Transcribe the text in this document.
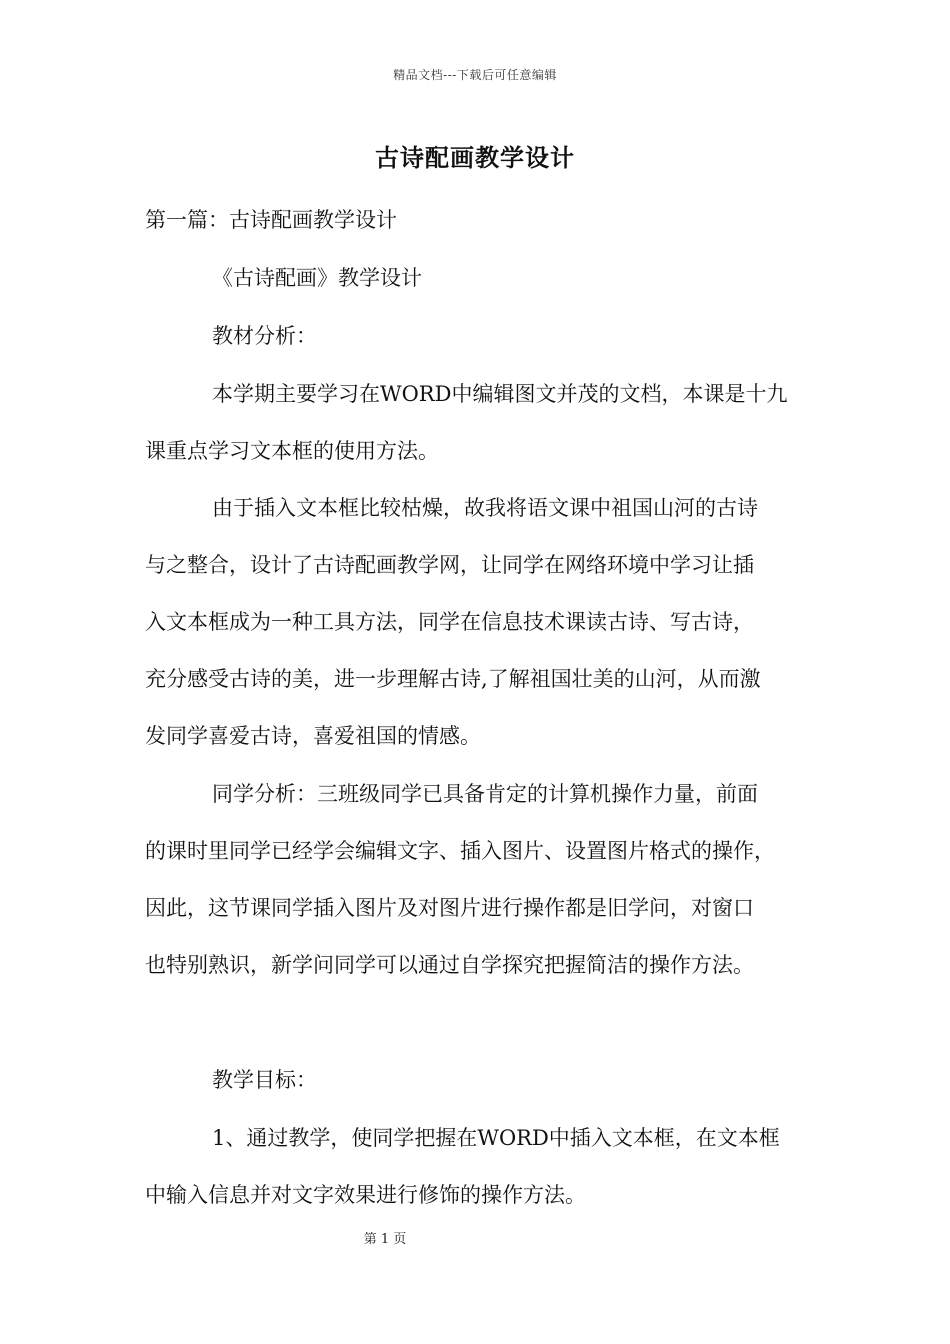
精品文档---下载后可任意编辑
古诗配画教学设计
第一篇：古诗配画教学设计
《古诗配画》教学设计
教材分析：
本学期主要学习在WORD中编辑图文并茂的文档，本课是十九
课重点学习文本框的使用方法。
由于插入文本框比较枯燥，故我将语文课中祖国山河的古诗
与之整合，设计了古诗配画教学网，让同学在网络环境中学习让插
入文本框成为一种工具方法，同学在信息技术课读古诗、写古诗，
充分感受古诗的美，进一步理解古诗,了解祖国壮美的山河，从而激
发同学喜爱古诗，喜爱祖国的情感。
同学分析：三班级同学已具备肯定的计算机操作力量，前面
的课时里同学已经学会编辑文字、插入图片、设置图片格式的操作，
因此，这节课同学插入图片及对图片进行操作都是旧学问，对窗口
也特别熟识，新学问同学可以通过自学探究把握简洁的操作方法。
教学目标：
1、通过教学，使同学把握在WORD中插入文本框，在文本框
中输入信息并对文字效果进行修饰的操作方法。
第 1 页
